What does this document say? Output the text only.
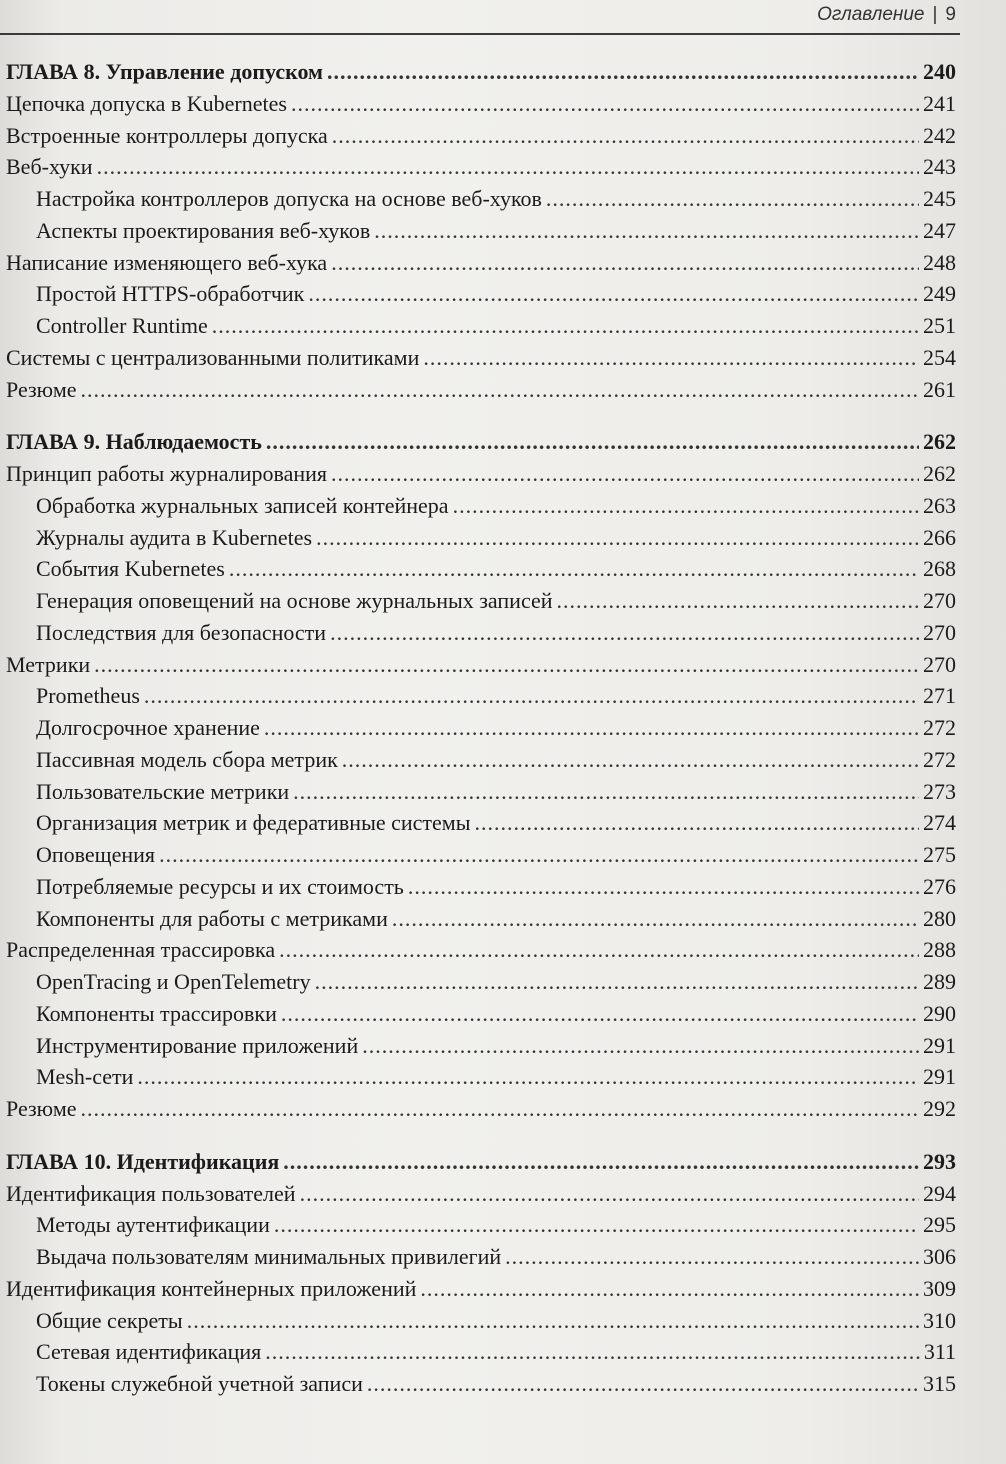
Оглавление | 9
ГЛАВА 8. Управление допуском .....	240
Цепочка допуска в Kubernetes .....	241
Встроенные контроллеры допуска .....	242
Веб-хуки .....	243
Настройка контроллеров допуска на основе веб-хуков .....	245
Аспекты проектирования веб-хуков .....	247
Написание изменяющего веб-хука .....	248
Простой HTTPS-обработчик .....	249
Controller Runtime .....	251
Системы с централизованными политиками .....	254
Резюме .....	261
ГЛАВА 9. Наблюдаемость .....	262
Принцип работы журналирования .....	262
Обработка журнальных записей контейнера .....	263
Журналы аудита в Kubernetes .....	266
События Kubernetes .....	268
Генерация оповещений на основе журнальных записей .....	270
Последствия для безопасности .....	270
Метрики .....	270
Prometheus .....	271
Долгосрочное хранение .....	272
Пассивная модель сбора метрик .....	272
Пользовательские метрики .....	273
Организация метрик и федеративные системы .....	274
Оповещения .....	275
Потребляемые ресурсы и их стоимость .....	276
Компоненты для работы с метриками .....	280
Распределенная трассировка .....	288
OpenTracing и OpenTelemetry .....	289
Компоненты трассировки .....	290
Инструментирование приложений .....	291
Mesh-сети .....	291
Резюме .....	292
ГЛАВА 10. Идентификация .....	293
Идентификация пользователей .....	294
Методы аутентификации .....	295
Выдача пользователям минимальных привилегий .....	306
Идентификация контейнерных приложений .....	309
Общие секреты .....	310
Сетевая идентификация .....	311
Токены служебной учетной записи .....	315
